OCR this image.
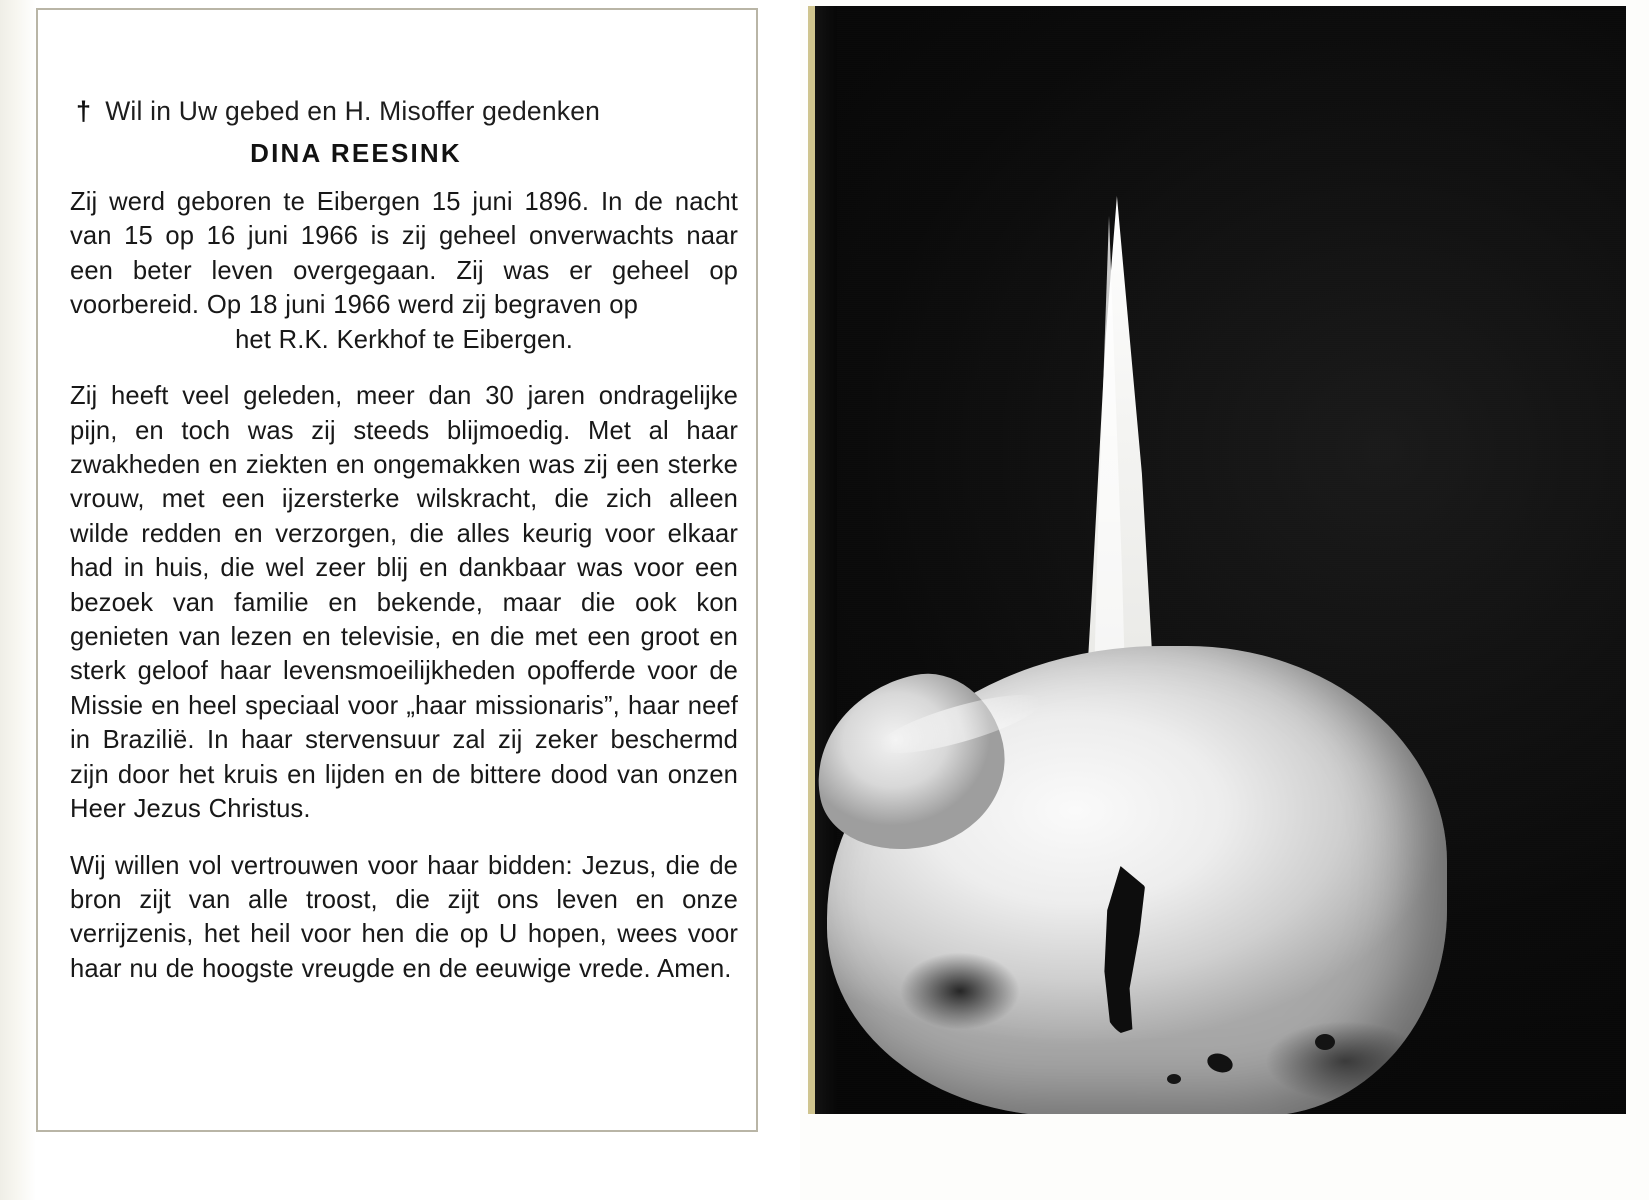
† Wil in Uw gebed en H. Misoffer gedenken
DINA REESINK
Zij werd geboren te Eibergen 15 juni 1896. In de nacht van 15 op 16 juni 1966 is zij geheel onverwachts naar een beter leven overgegaan. Zij was er geheel op voorbereid. Op 18 juni 1966 werd zij begraven op
het R.K. Kerkhof te Eibergen.
Zij heeft veel geleden, meer dan 30 jaren ondragelijke pijn, en toch was zij steeds blijmoedig. Met al haar zwakheden en ziekten en ongemakken was zij een sterke vrouw, met een ijzersterke wilskracht, die zich alleen wilde redden en verzorgen, die alles keurig voor elkaar had in huis, die wel zeer blij en dankbaar was voor een bezoek van familie en bekende, maar die ook kon genieten van lezen en televisie, en die met een groot en sterk geloof haar levensmoeilijkheden opofferde voor de Missie en heel speciaal voor „haar missionaris”, haar neef in Brazilië. In haar stervensuur zal zij zeker beschermd zijn door het kruis en lijden en de bittere dood van onzen Heer Jezus Christus.
Wij willen vol vertrouwen voor haar bidden: Jezus, die de bron zijt van alle troost, die zijt ons leven en onze verrijzenis, het heil voor hen die op U hopen, wees voor haar nu de hoogste vreugde en de eeuwige vrede. Amen.
